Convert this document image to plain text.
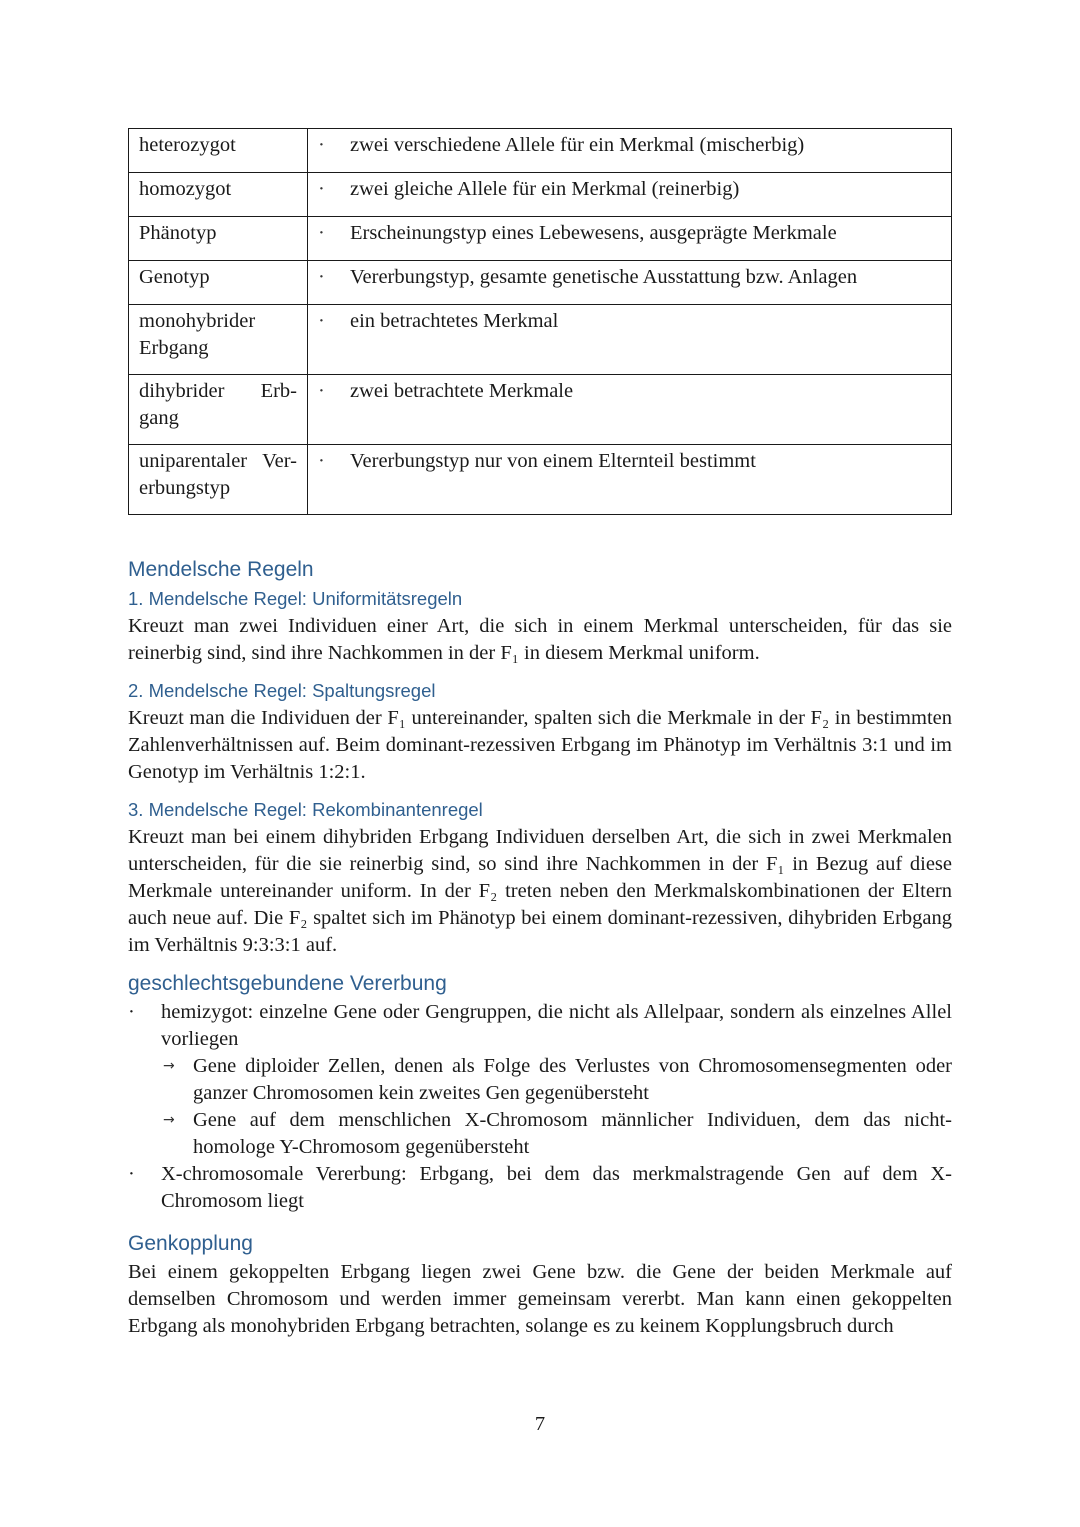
heterozygot	· zwei verschiedene Allele für ein Merkmal (mischerbig)
homozygot	· zwei gleiche Allele für ein Merkmal (reinerbig)
Phänotyp	· Erscheinungstyp eines Lebewesens, ausgeprägte Merkmale
Genotyp	· Vererbungstyp, gesamte genetische Ausstattung bzw. Anlagen

monohybrider
Erbgang	· ein betrachtetes Merkmal

dihybrider Erb-
gang	· zwei betrachtete Merkmale

uniparentaler Ver-
erbungstyp	· Vererbungstyp nur von einem Elternteil bestimmt
Mendelsche Regeln
1. Mendelsche Regel: Uniformitätsregeln

Kreuzt man zwei Individuen einer Art, die sich in einem Merkmal unterscheiden, für das sie reinerbig sind, sind ihre Nachkommen in der F₁ in diesem Merkmal uniform.

2. Mendelsche Regel: Spaltungsregel

Kreuzt man die Individuen der F₁ untereinander, spalten sich die Merkmale in der F₂ in bestimmten Zahlenverhältnissen auf. Beim dominant-rezessiven Erbgang im Phänotyp im Verhältnis 3:1 und im Genotyp im Verhältnis 1:2:1.

3. Mendelsche Regel: Rekombinantenregel

Kreuzt man bei einem dihybriden Erbgang Individuen derselben Art, die sich in zwei Merkmalen unterscheiden, für die sie reinerbig sind, so sind ihre Nachkommen in der F₁ in Bezug auf diese Merkmale untereinander uniform. In der F₂ treten neben den Merkmalskombinationen der Eltern auch neue auf. Die F₂ spaltet sich im Phänotyp bei einem dominant-rezessiven, dihybriden Erbgang im Verhältnis 9:3:3:1 auf.

geschlechtsgebundene Vererbung
· hemizygot: einzelne Gene oder Gengruppen, die nicht als Allelpaar, sondern als einzelnes Allel vorliegen
→ Gene diploider Zellen, denen als Folge des Verlustes von Chromosomensegmenten oder ganzer Chromosomen kein zweites Gen gegenübersteht
→ Gene auf dem menschlichen X-Chromosom männlicher Individuen, dem das nicht-homologe Y-Chromosom gegenübersteht
· X-chromosomale Vererbung: Erbgang, bei dem das merkmalstragende Gen auf dem X-Chromosom liegt
Genkopplung

Bei einem gekoppelten Erbgang liegen zwei Gene bzw. die Gene der beiden Merkmale auf demselben Chromosom und werden immer gemeinsam vererbt. Man kann einen gekoppelten Erbgang als monohybriden Erbgang betrachten, solange es zu keinem Kopplungsbruch durch

7
